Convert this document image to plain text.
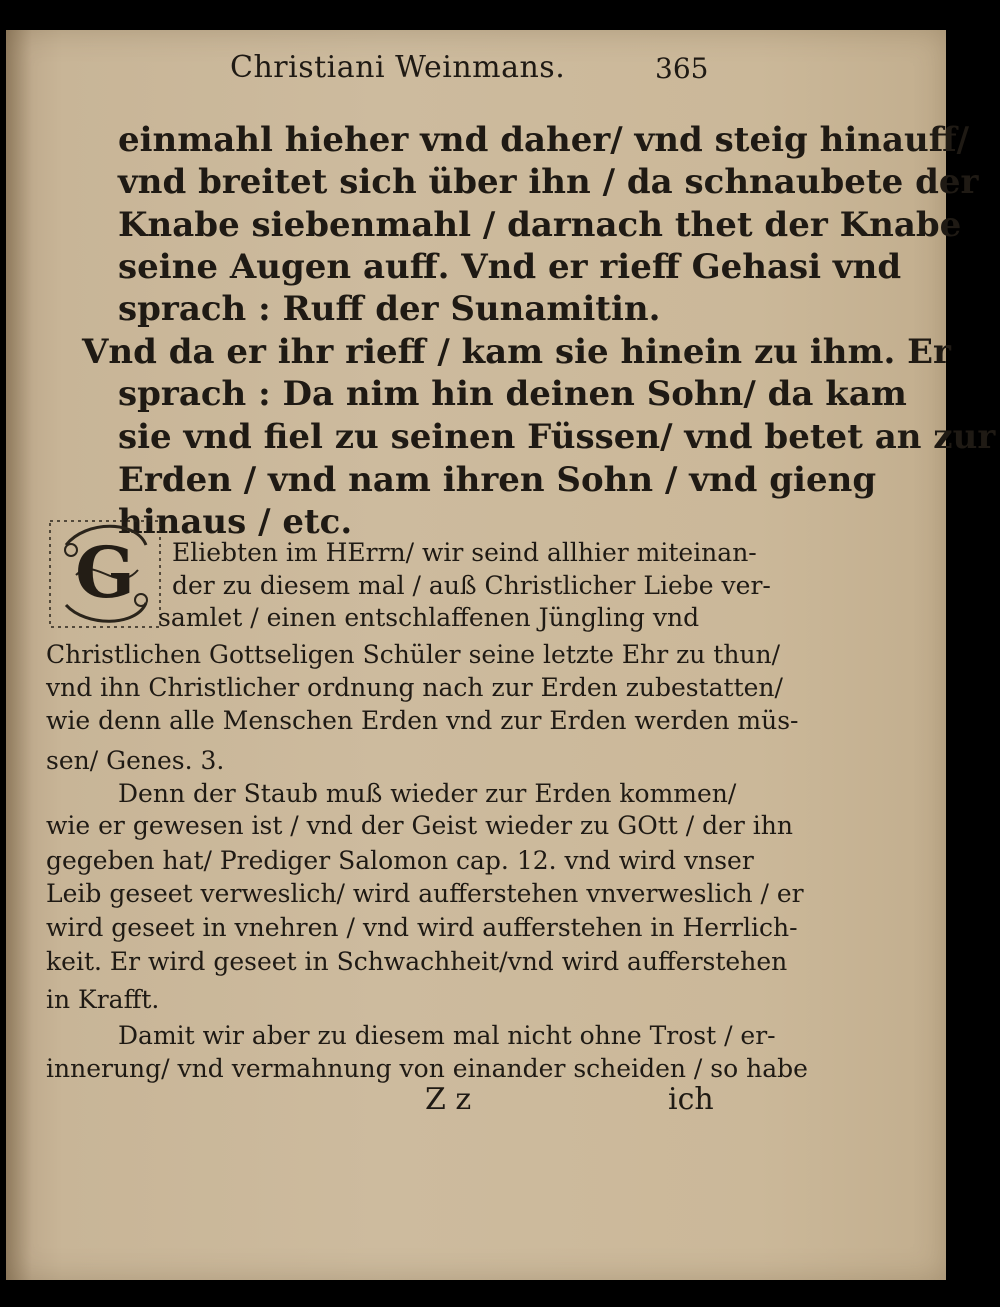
Christiani Weinmans.	365
einmahl hieher vnd daher/ vnd steig hinauff/
vnd breitet sich über ihn / da schnaubete der
Knabe siebenmahl / darnach thet der Knabe
seine Augen auff. Vnd er rieff Gehasi vnd
sprach : Ruff der Sunamitin.
Vnd da er ihr rieff / kam sie hinein zu ihm. Er
sprach : Da nim hin deinen Sohn/ da kam
sie vnd fiel zu seinen Füssen/ vnd betet an zur
Erden / vnd nam ihren Sohn / vnd gieng
hinaus / etc.
G Eliebten im HErrn/ wir seind allhier miteinan-
der zu diesem mal / auß Christlicher Liebe ver-
samlet / einen entschlaffenen Jüngling vnd
Christlichen Gottseligen Schüler seine letzte Ehr zu thun/
vnd ihn Christlicher ordnung nach zur Erden zubestatten/
wie denn alle Menschen Erden vnd zur Erden werden müs-
sen/ Genes. 3.
Denn der Staub muß wieder zur Erden kommen/
wie er gewesen ist / vnd der Geist wieder zu GOtt / der ihn
gegeben hat/ Prediger Salomon cap. 12. vnd wird vnser
Leib geseet verweslich/ wird aufferstehen vnverweslich / er
wird geseet in vnehren / vnd wird aufferstehen in Herrlich-
keit. Er wird geseet in Schwachheit/vnd wird aufferstehen
in Krafft.
Damit wir aber zu diesem mal nicht ohne Trost / er-
innerung/ vnd vermahnung von einander scheiden / so habe
Z z	ich
